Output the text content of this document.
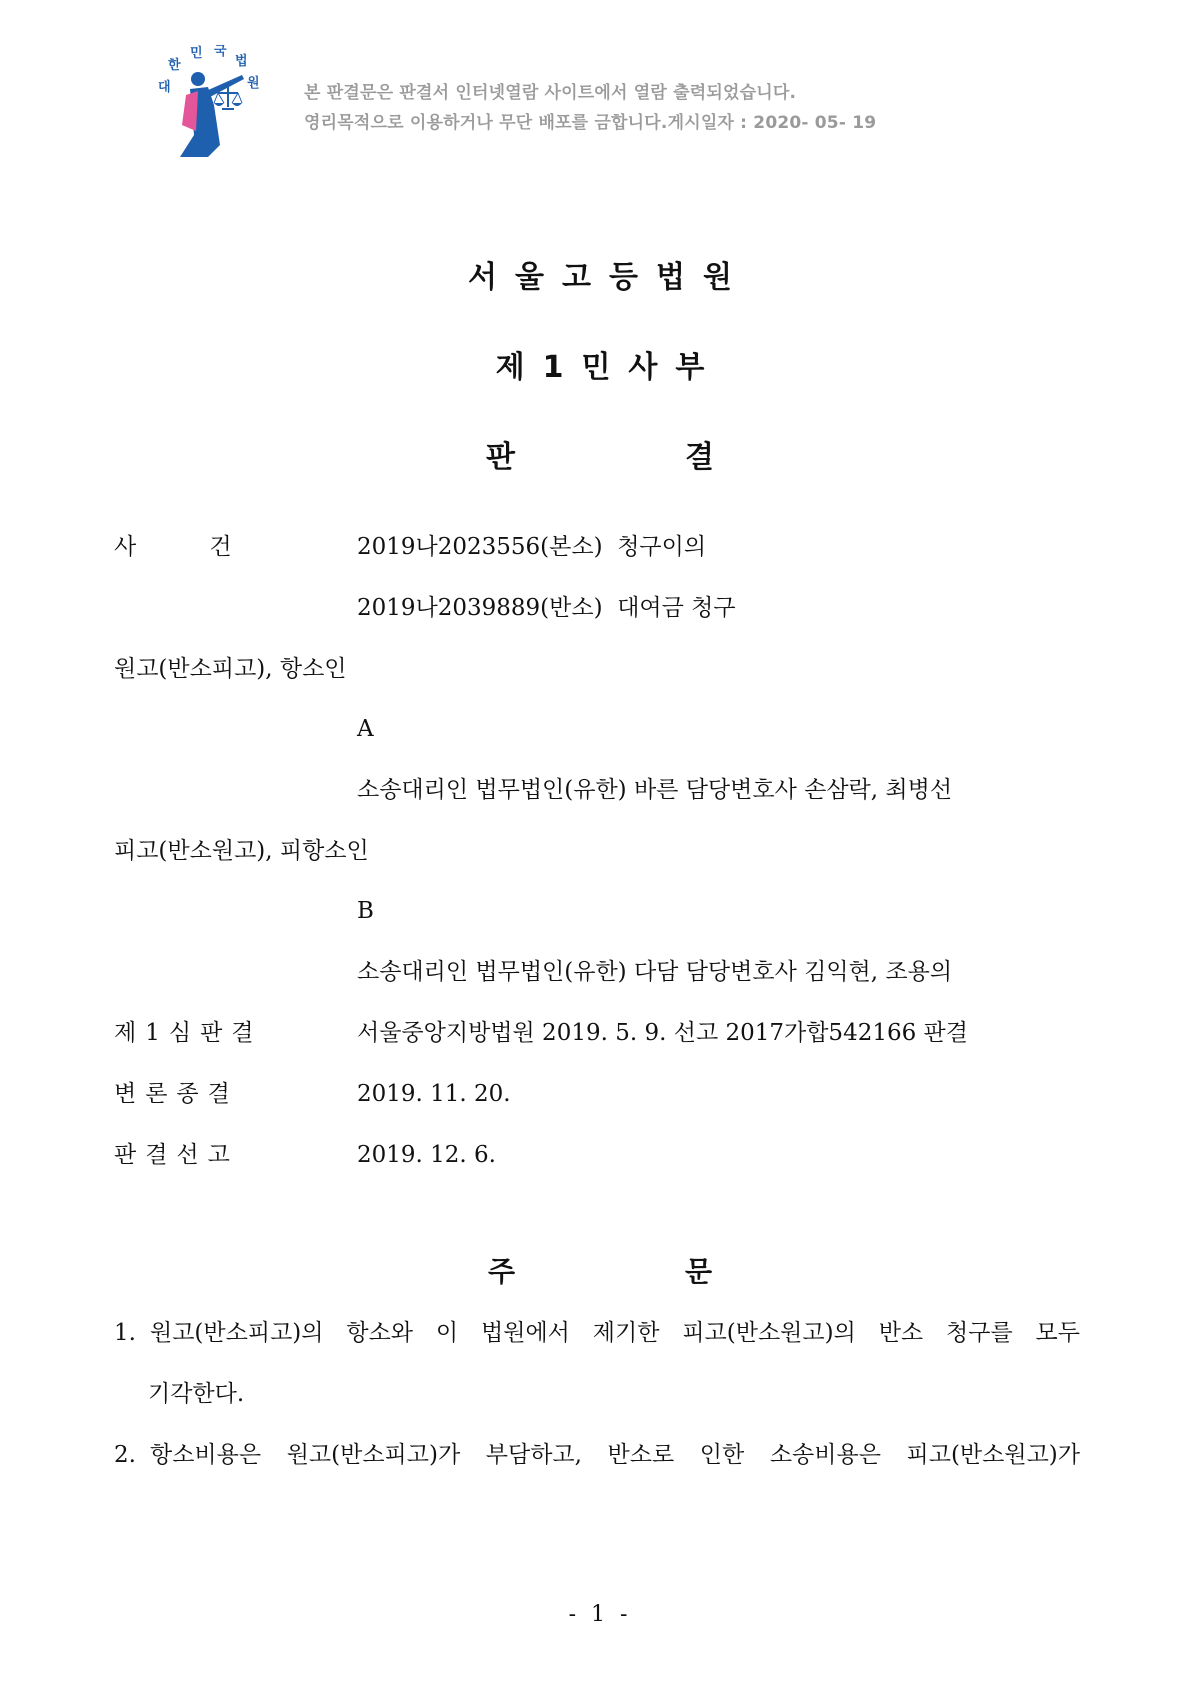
대
한
민 국
법
원	본 판결문은 판결서 인터넷열람 사이트에서 열람 출력되었습니다.
영리목적으로 이용하거나 무단 배포를 금합니다.게시일자 : 2020- 05- 19
서울고등법원
제1민사부
판	결
사          건	2019나2023556(본소)  청구이의
2019나2039889(반소)  대여금 청구
원고(반소피고), 항소인
A
소송대리인 법무법인(유한) 바른 담당변호사 손삼락, 최병선
피고(반소원고), 피항소인
B
소송대리인 법무법인(유한) 다담 담당변호사 김익현, 조용의
제1심판결	서울중앙지방법원 2019. 5. 9. 선고 2017가합542166 판결
변론종결	2019. 11. 20.
판결선고	2019. 12. 6.
주	문
1. 원고(반소피고)의 항소와 이 법원에서 제기한 피고(반소원고)의 반소 청구를 모두
기각한다.
2. 항소비용은 원고(반소피고)가 부담하고, 반소로 인한 소송비용은 피고(반소원고)가
- 1 -
